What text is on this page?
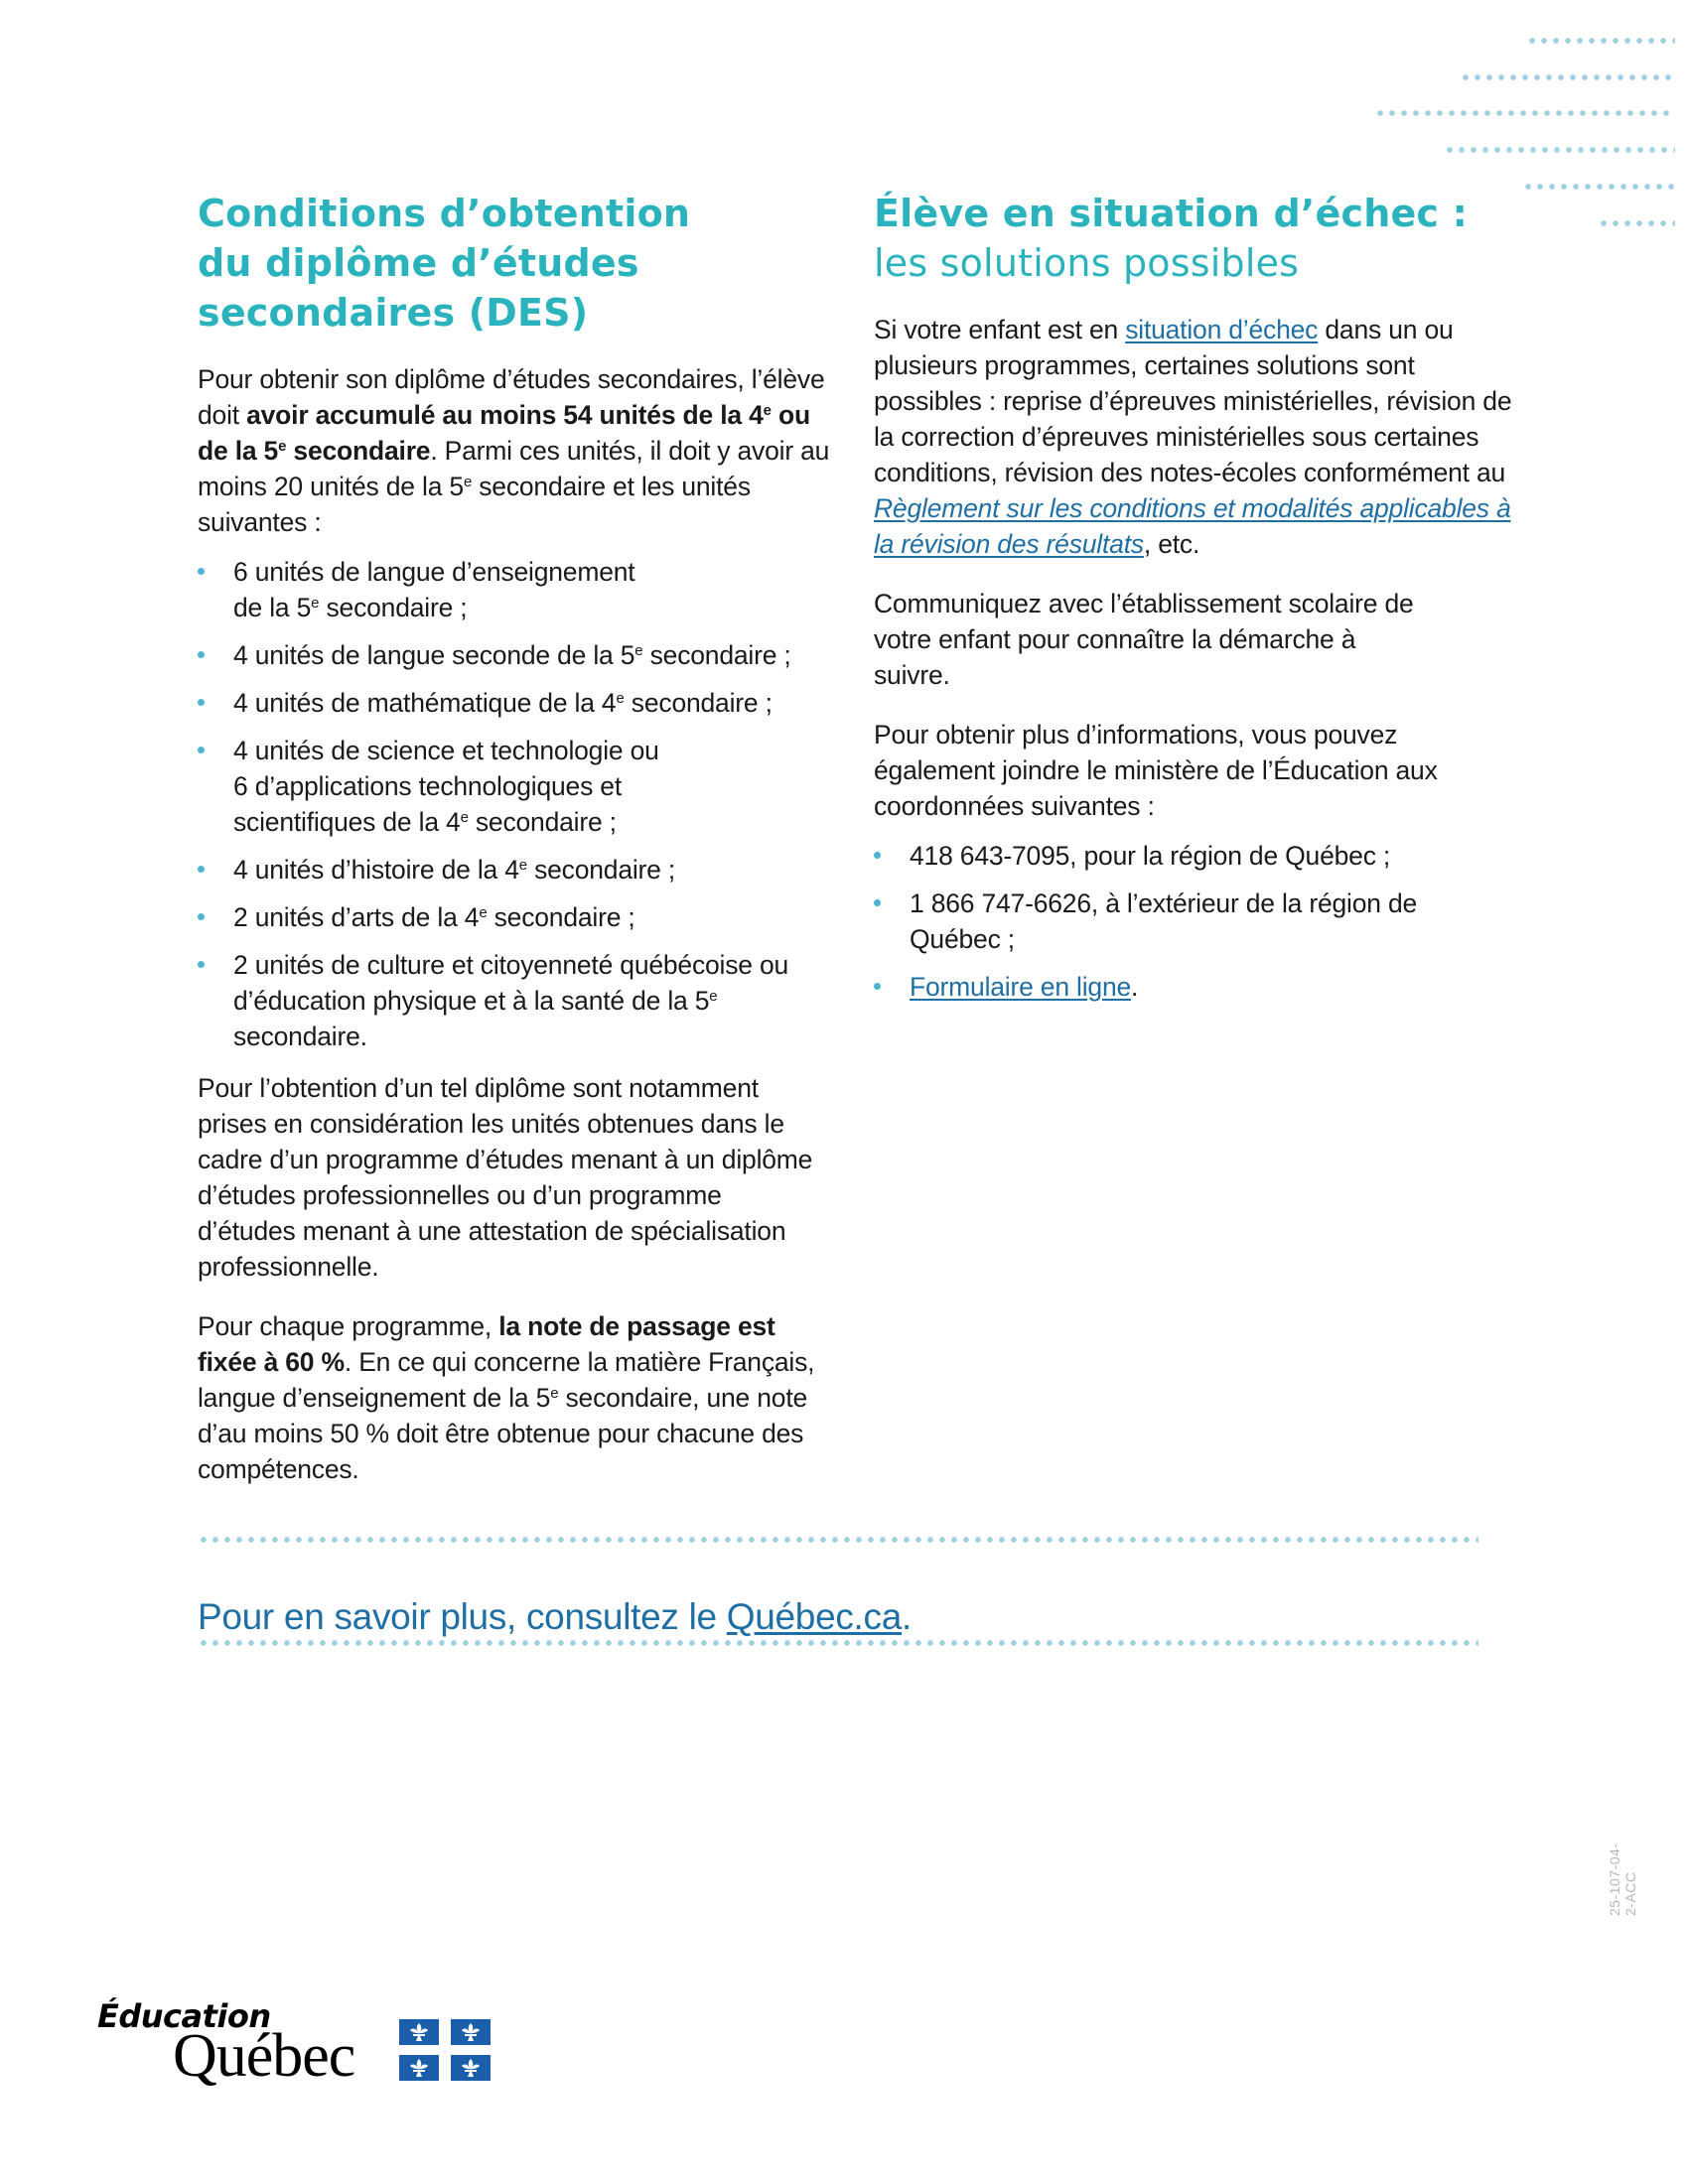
Conditions d’obtention
du diplôme d’études
secondaires (DES)

Pour obtenir son diplôme d’études secondaires, l’élève doit avoir accumulé au moins 54 unités de la 4e ou de la 5e secondaire. Parmi ces unités, il doit y avoir au moins 20 unités de la 5e secondaire et les unités suivantes :

6 unités de langue d’enseignement de la 5e secondaire ;
4 unités de langue seconde de la 5e secondaire ;
4 unités de mathématique de la 4e secondaire ;
4 unités de science et technologie ou 6 d’applications technologiques et scientifiques de la 4e secondaire ;
4 unités d’histoire de la 4e secondaire ;
2 unités d’arts de la 4e secondaire ;
2 unités de culture et citoyenneté québécoise ou d’éducation physique et à la santé de la 5e secondaire.

Pour l’obtention d’un tel diplôme sont notamment prises en considération les unités obtenues dans le cadre d’un programme d’études menant à un diplôme d’études professionnelles ou d’un programme d’études menant à une attestation de spécialisation professionnelle.

Pour chaque programme, la note de passage est fixée à 60 %. En ce qui concerne la matière Français, langue d’enseignement de la 5e secondaire, une note d’au moins 50 % doit être obtenue pour chacune des compétences.

Élève en situation d’échec :
les solutions possibles

Si votre enfant est en situation d’échec dans un ou plusieurs programmes, certaines solutions sont possibles : reprise d’épreuves ministérielles, révision de la correction d’épreuves ministérielles sous certaines conditions, révision des notes-écoles conformément au Règlement sur les conditions et modalités applicables à la révision des résultats, etc.

Communiquez avec l’établissement scolaire de votre enfant pour connaître la démarche à suivre.

Pour obtenir plus d’informations, vous pouvez également joindre le ministère de l’Éducation aux coordonnées suivantes :

418 643-7095, pour la région de Québec ;
1 866 747-6626, à l’extérieur de la région de Québec ;
Formulaire en ligne.
Pour en savoir plus, consultez le Québec.ca.
25-107-04-2-ACC
Éducation
Québec
